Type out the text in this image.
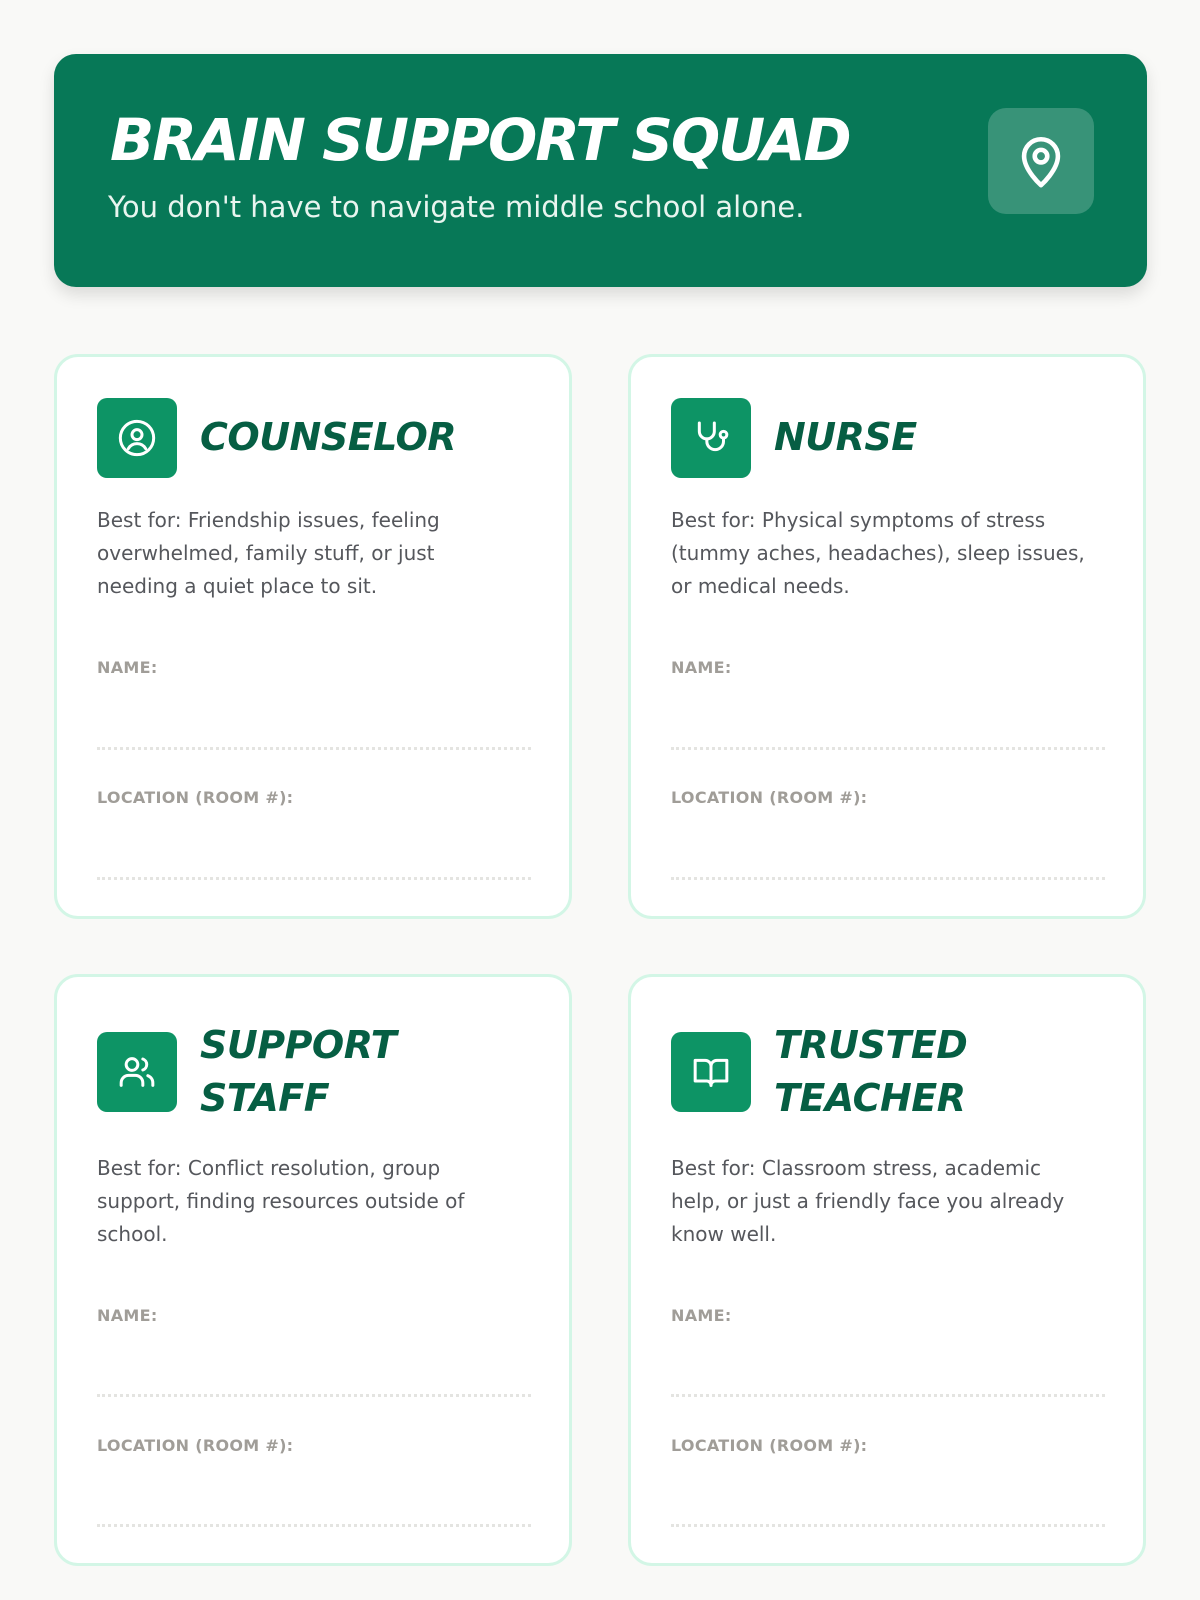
BRAIN SUPPORT SQUAD
You don't have to navigate middle school alone.
COUNSELOR
Best for: Friendship issues, feeling overwhelmed, family stuff, or just needing a quiet place to sit.
NAME:
LOCATION (ROOM #):
NURSE
Best for: Physical symptoms of stress (tummy aches, headaches), sleep issues, or medical needs.
NAME:
LOCATION (ROOM #):
SUPPORT
STAFF
Best for: Conflict resolution, group support, finding resources outside of school.
NAME:
LOCATION (ROOM #):
TRUSTED
TEACHER
Best for: Classroom stress, academic help, or just a friendly face you already know well.
NAME:
LOCATION (ROOM #):
